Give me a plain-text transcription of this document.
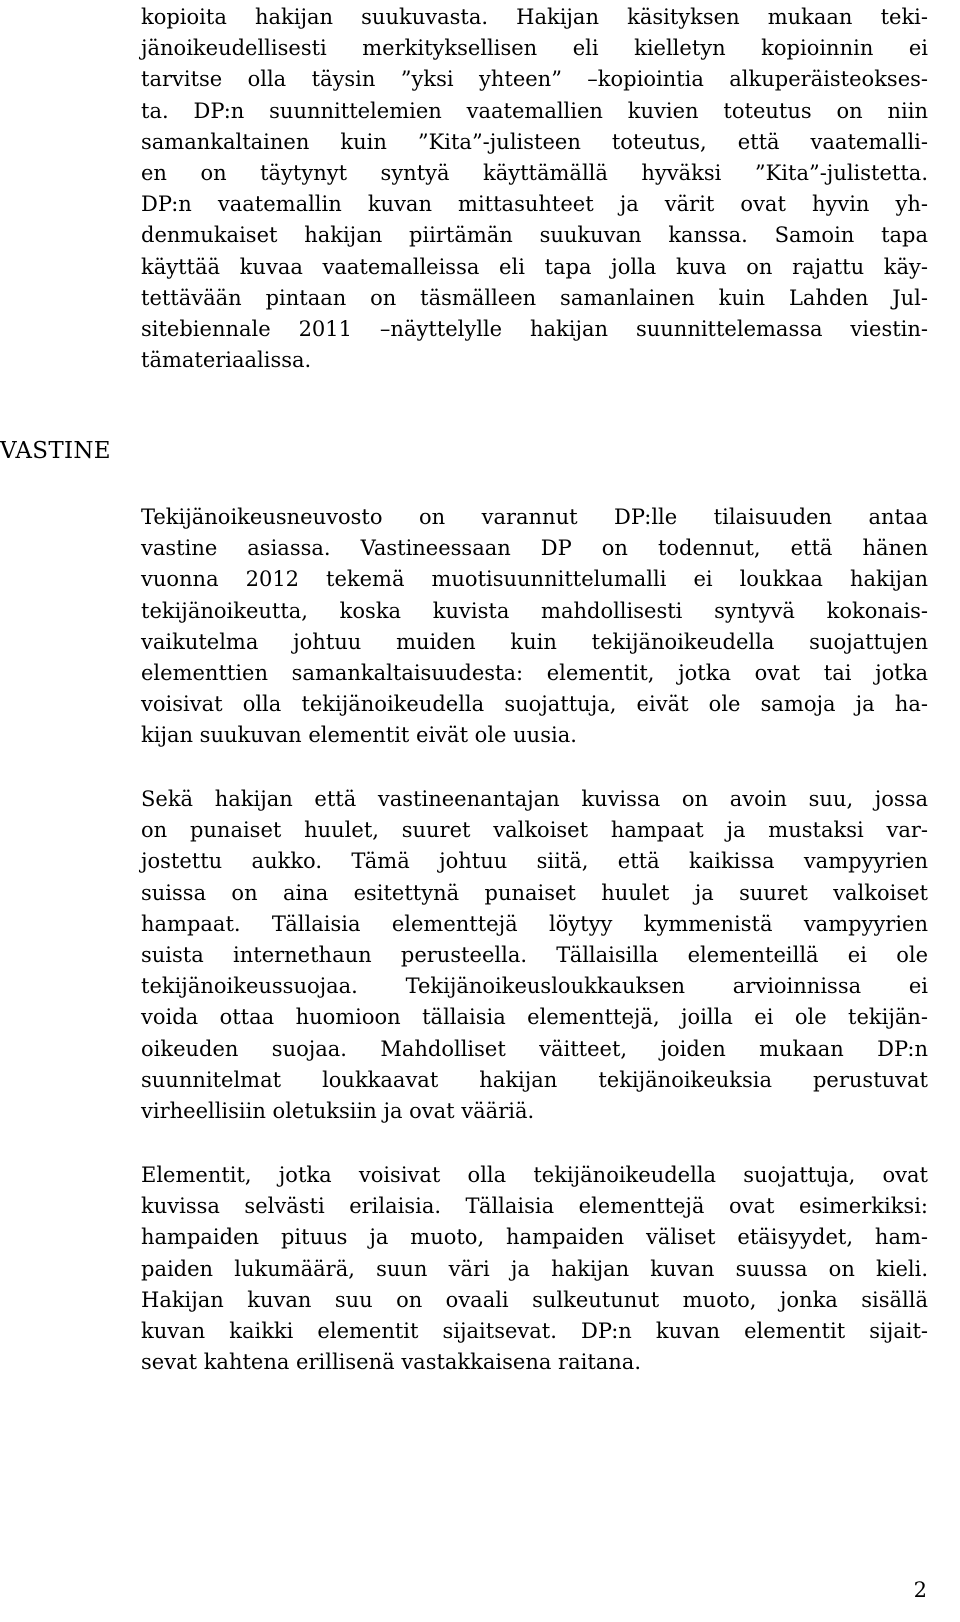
kopioita hakijan suukuvasta. Hakijan käsityksen mukaan teki-
jänoikeudellisesti merkityksellisen eli kielletyn kopioinnin ei
tarvitse olla täysin ”yksi yhteen” –kopiointia alkuperäisteokses-
ta. DP:n suunnittelemien vaatemallien kuvien toteutus on niin
samankaltainen kuin ”Kita”-julisteen toteutus, että vaatemalli-
en on täytynyt syntyä käyttämällä hyväksi ”Kita”-julistetta.
DP:n vaatemallin kuvan mittasuhteet ja värit ovat hyvin yh-
denmukaiset hakijan piirtämän suukuvan kanssa. Samoin tapa
käyttää kuvaa vaatemalleissa eli tapa jolla kuva on rajattu käy-
tettävään pintaan on täsmälleen samanlainen kuin Lahden Jul-
sitebiennale 2011 –näyttelylle hakijan suunnittelemassa viestin-
tämateriaalissa.
VASTINE
Tekijänoikeusneuvosto on varannut DP:lle tilaisuuden antaa
vastine asiassa. Vastineessaan DP on todennut, että hänen
vuonna 2012 tekemä muotisuunnittelumalli ei loukkaa hakijan
tekijänoikeutta, koska kuvista mahdollisesti syntyvä kokonais-
vaikutelma johtuu muiden kuin tekijänoikeudella suojattujen
elementtien samankaltaisuudesta: elementit, jotka ovat tai jotka
voisivat olla tekijänoikeudella suojattuja, eivät ole samoja ja ha-
kijan suukuvan elementit eivät ole uusia.
Sekä hakijan että vastineenantajan kuvissa on avoin suu, jossa
on punaiset huulet, suuret valkoiset hampaat ja mustaksi var-
jostettu aukko. Tämä johtuu siitä, että kaikissa vampyyrien
suissa on aina esitettynä punaiset huulet ja suuret valkoiset
hampaat. Tällaisia elementtejä löytyy kymmenistä vampyyrien
suista internethaun perusteella. Tällaisilla elementeillä ei ole
tekijänoikeussuojaa. Tekijänoikeusloukkauksen arvioinnissa ei
voida ottaa huomioon tällaisia elementtejä, joilla ei ole tekijän-
oikeuden suojaa. Mahdolliset väitteet, joiden mukaan DP:n
suunnitelmat loukkaavat hakijan tekijänoikeuksia perustuvat
virheellisiin oletuksiin ja ovat vääriä.
Elementit, jotka voisivat olla tekijänoikeudella suojattuja, ovat
kuvissa selvästi erilaisia. Tällaisia elementtejä ovat esimerkiksi:
hampaiden pituus ja muoto, hampaiden väliset etäisyydet, ham-
paiden lukumäärä, suun väri ja hakijan kuvan suussa on kieli.
Hakijan kuvan suu on ovaali sulkeutunut muoto, jonka sisällä
kuvan kaikki elementit sijaitsevat. DP:n kuvan elementit sijait-
sevat kahtena erillisenä vastakkaisena raitana.
2
